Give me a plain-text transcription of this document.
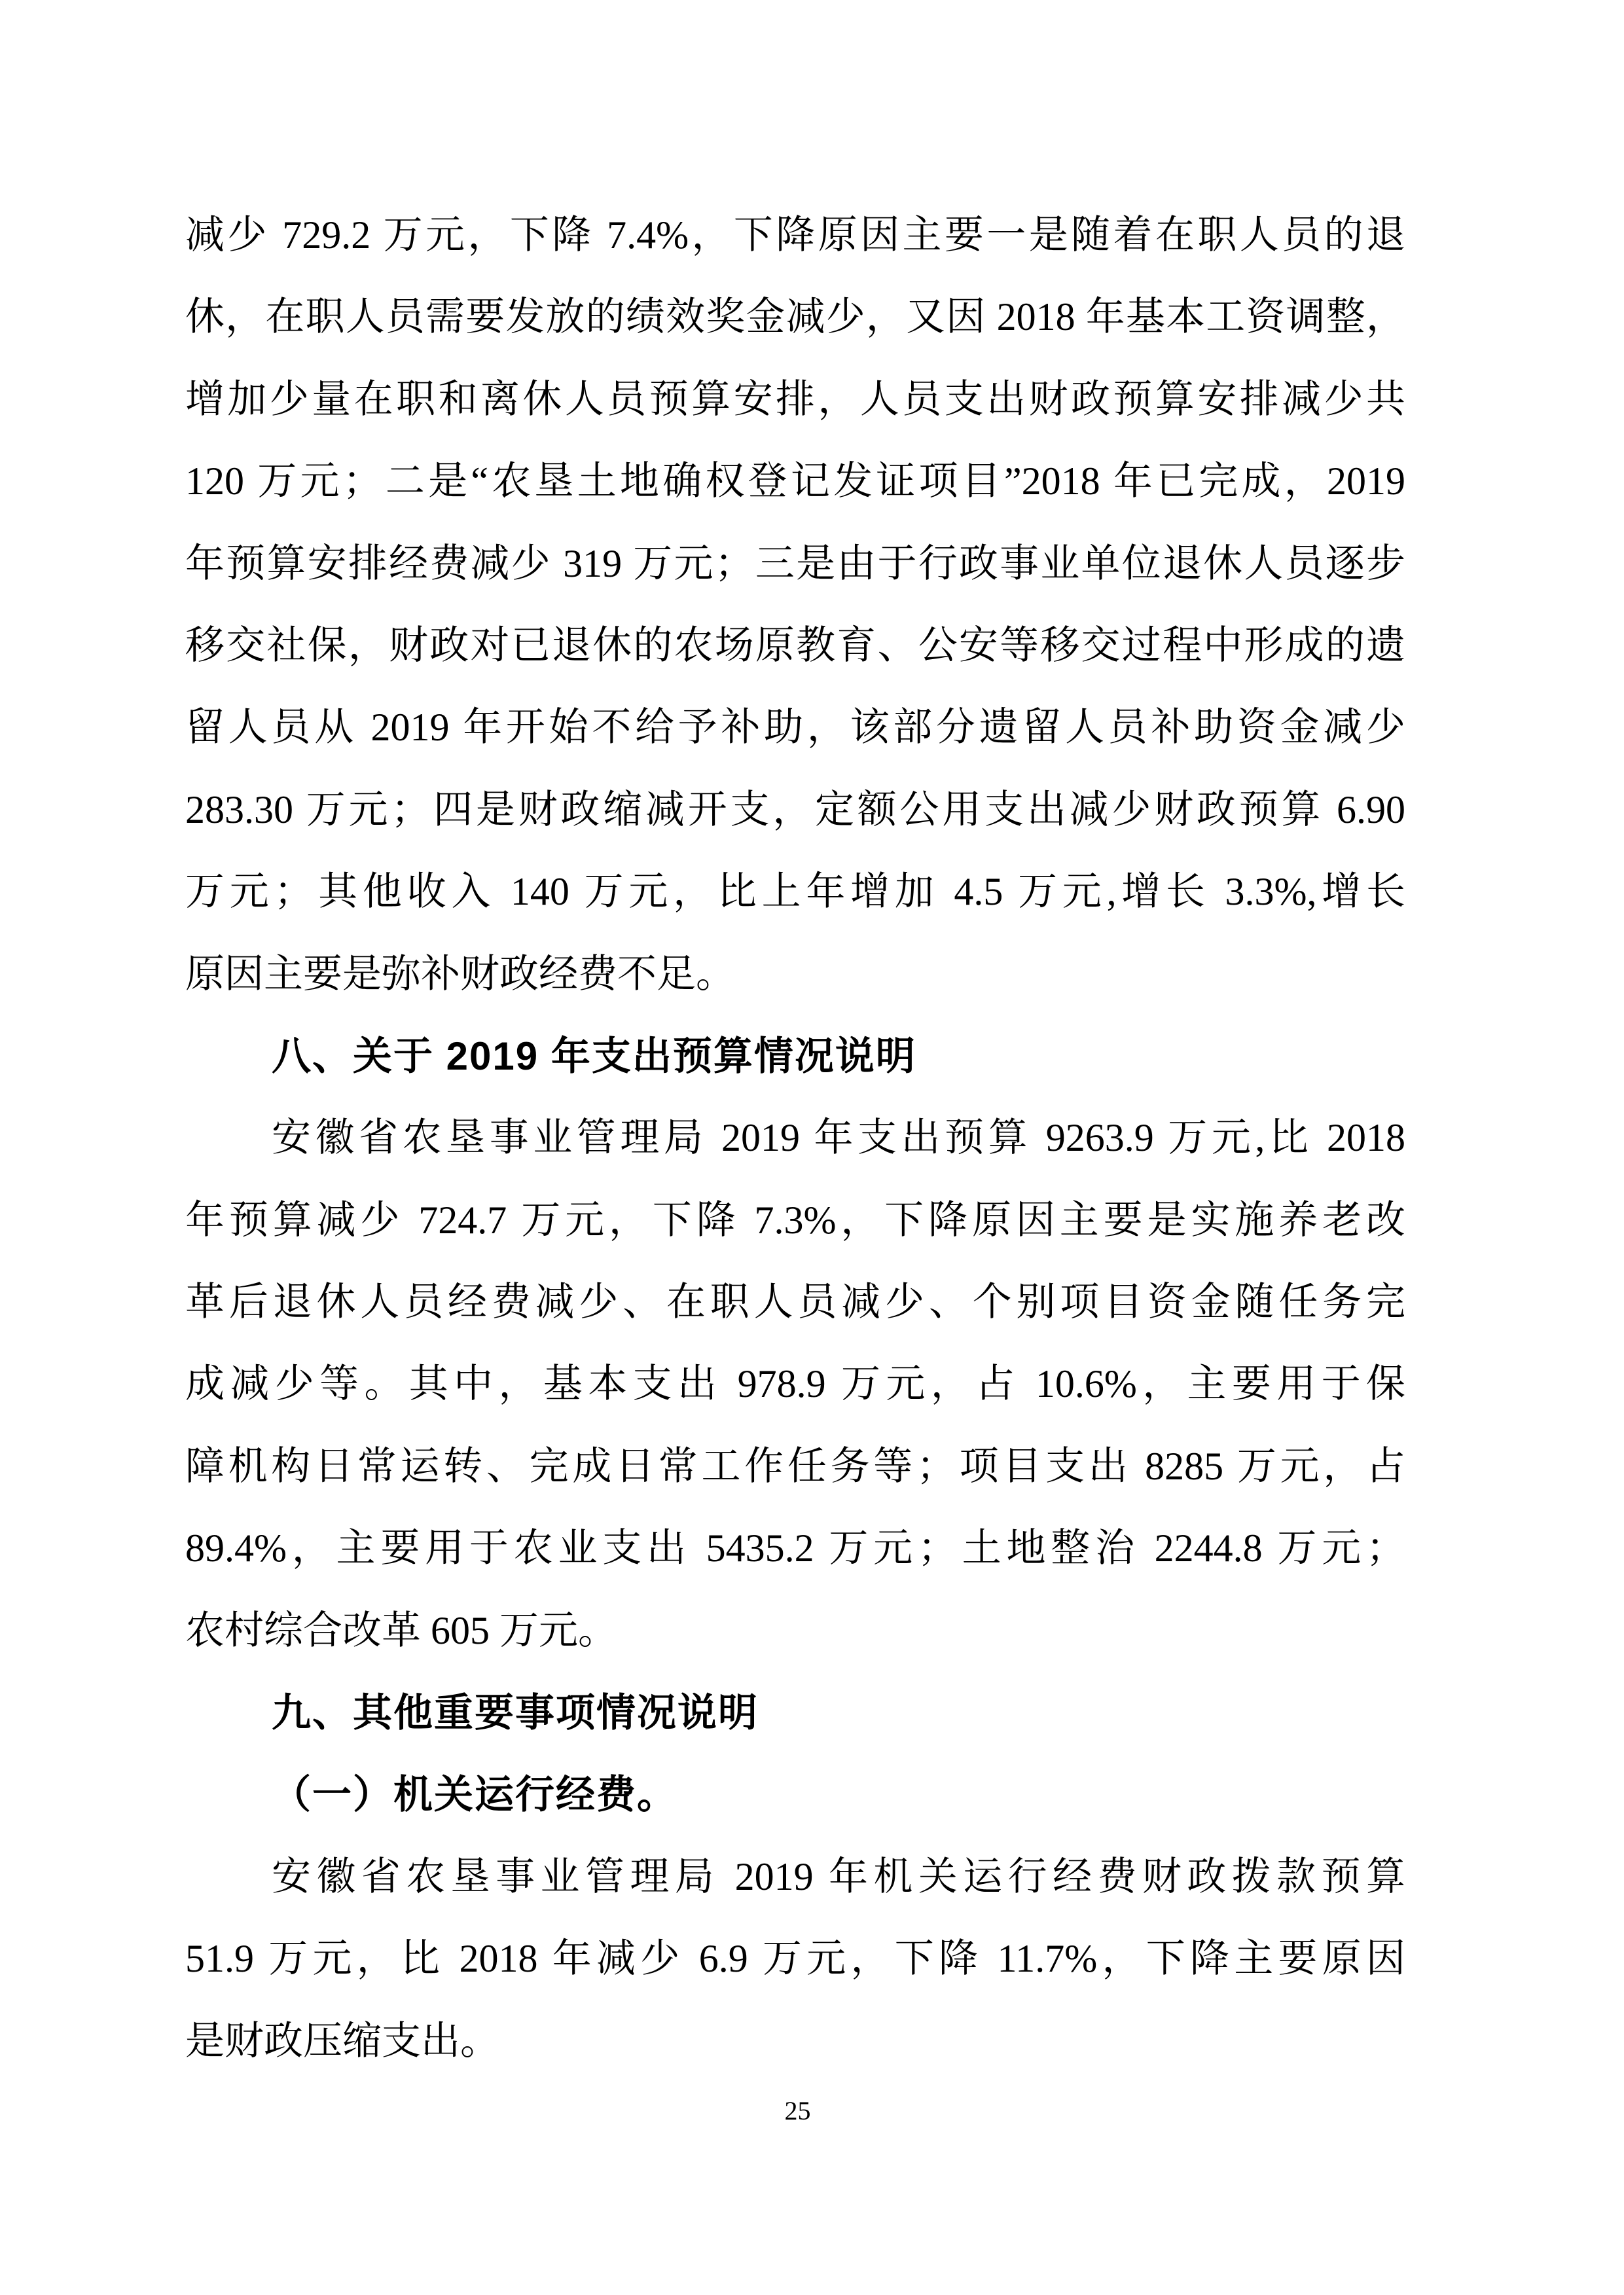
减少 729.2 万元，下降 7.4%，下降原因主要一是随着在职人员的退
休，在职人员需要发放的绩效奖金减少，又因 2018 年基本工资调整，
增加少量在职和离休人员预算安排，人员支出财政预算安排减少共
120 万元；二是“农垦土地确权登记发证项目”2018 年已完成，2019
年预算安排经费减少 319 万元；三是由于行政事业单位退休人员逐步
移交社保，财政对已退休的农场原教育、公安等移交过程中形成的遗
留人员从 2019 年开始不给予补助，该部分遗留人员补助资金减少
283.30 万元；四是财政缩减开支，定额公用支出减少财政预算 6.90
万元；其他收入 140 万元，比上年增加 4.5 万元,增长 3.3%,增长
原因主要是弥补财政经费不足。
八、关于 2019 年支出预算情况说明
安徽省农垦事业管理局 2019 年支出预算 9263.9 万元,比 2018
年预算减少 724.7 万元，下降 7.3%，下降原因主要是实施养老改
革后退休人员经费减少、在职人员减少、个别项目资金随任务完
成减少等。其中，基本支出 978.9 万元，占 10.6%，主要用于保
障机构日常运转、完成日常工作任务等；项目支出 8285 万元，占
89.4%，主要用于农业支出 5435.2 万元；土地整治 2244.8 万元；
农村综合改革 605 万元。
九、其他重要事项情况说明
（一）机关运行经费。
安徽省农垦事业管理局 2019 年机关运行经费财政拨款预算
51.9 万元，比 2018 年减少 6.9 万元，下降 11.7%，下降主要原因
是财政压缩支出。
25
